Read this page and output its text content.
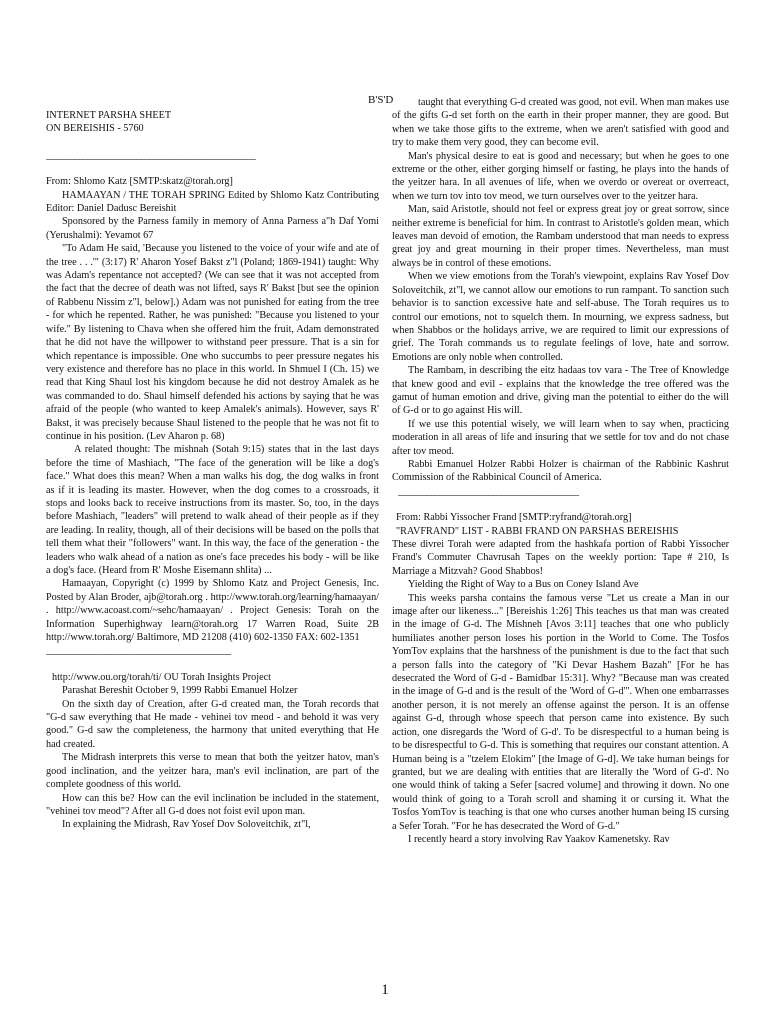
B'S'D

INTERNET PARSHA SHEET

ON BEREISHIS - 5760

___________________________________________________

From: Shlomo Katz [SMTP:skatz@torah.org]

HAMAAYAN / THE TORAH SPRING Edited by Shlomo Katz Contributing Editor: Daniel Dadusc Bereishit

Sponsored by the Parness family in memory of Anna Parness a"h Daf Yomi (Yerushalmi): Yevamot 67

"To Adam He said, 'Because you listened to the voice of your wife and ate of the tree . . .'" (3:17) R' Aharon Yosef Bakst z"l (Poland; 1869-1941) taught: Why was Adam's repentance not accepted? (We can see that it was not accepted from the fact that the decree of death was not lifted, says R' Bakst [but see the opinion of Rabbenu Nissim z"l, below].) Adam was not punished for eating from the tree - for which he repented. Rather, he was punished: "Because you listened to your wife." By listening to Chava when she offered him the fruit, Adam demonstrated that he did not have the willpower to withstand peer pressure. That is a sin for which repentance is impossible. One who succumbs to peer pressure negates his very existence and therefore has no place in this world. In Shmuel I (Ch. 15) we read that King Shaul lost his kingdom because he did not destroy Amalek as he was commanded to do. Shaul himself defended his actions by saying that he was afraid of the people (who wanted to keep Amalek's animals). However, says R' Bakst, it was precisely because Shaul listened to the people that he was not fit to continue in his position. (Lev Aharon p. 68)

A related thought: The mishnah (Sotah 9:15) states that in the last days before the time of Mashiach, "The face of the generation will be like a dog's face." What does this mean? When a man walks his dog, the dog walks in front as if it is leading its master. However, when the dog comes to a crossroads, it stops and looks back to receive instructions from its master. So, too, in the days before Mashiach, "leaders" will pretend to walk ahead of their people as if they are leading. In reality, though, all of their decisions will be based on the polls that tell them what their "followers" want. In this way, the face of the generation - the leaders who walk ahead of a nation as one's face precedes his body - will be like a dog's face. (Heard from R' Moshe Eisemann shlita) ...

Hamaayan, Copyright (c) 1999 by Shlomo Katz and Project Genesis, Inc. Posted by Alan Broder, ajb@torah.org . http://www.torah.org/learning/hamaayan/ . http://www.acoast.com/~sehc/hamaayan/ . Project Genesis: Torah on the Information Superhighway learn@torah.org 17 Warren Road, Suite 2B http://www.torah.org/ Baltimore, MD 21208 (410) 602-1350 FAX: 602-1351

_____________________________________________

http://www.ou.org/torah/ti/ OU Torah Insights Project

Parashat Bereshit October 9, 1999 Rabbi Emanuel Holzer

On the sixth day of Creation, after G-d created man, the Torah records that "G-d saw everything that He made - vehinei tov meod - and behold it was very good." G-d saw the completeness, the harmony that united everything that He had created.

The Midrash interprets this verse to mean that both the yeitzer hatov, man's good inclination, and the yeitzer hara, man's evil inclination, are part of the complete goodness of this world.

How can this be? How can the evil inclination be included in the statement, "vehinei tov meod"? After all G-d does not foist evil upon man.

In explaining the Midrash, Rav Yosef Dov Soloveitchik, zt"l,

taught that everything G-d created was good, not evil. When man makes use of the gifts G-d set forth on the earth in their proper manner, they are good. But when we take those gifts to the extreme, when we aren't satisfied with good and try to make them very good, they can become evil.

Man's physical desire to eat is good and necessary; but when he goes to one extreme or the other, either gorging himself or fasting, he plays into the hands of the yeitzer hara. In all avenues of life, when we overdo or overeat or overreact, when we turn tov into tov meod, we turn ourselves over to the yeitzer hara.

Man, said Aristotle, should not feel or express great joy or great sorrow, since neither extreme is beneficial for him. In contrast to Aristotle's golden mean, which leaves man devoid of emotion, the Rambam understood that man needs to express great joy and great mourning in their proper times. Nevertheless, man must always be in control of these emotions.

When we view emotions from the Torah's viewpoint, explains Rav Yosef Dov Soloveitchik, zt"l, we cannot allow our emotions to run rampant. To sanction such behavior is to sanction excessive hate and self-abuse. The Torah requires us to control our emotions, not to squelch them. In mourning, we express sadness, but when Shabbos or the holidays arrive, we are required to limit our expressions of grief. The Torah commands us to regulate feelings of love, hate and sorrow. Emotions are only noble when controlled.

The Rambam, in describing the eitz hadaas tov vara - The Tree of Knowledge that knew good and evil - explains that the knowledge the tree offered was the gamut of human emotion and drive, giving man the potential to either do the will of G-d or to go against His will.

If we use this potential wisely, we will learn when to say when, practicing moderation in all areas of life and insuring that we settle for tov and do not chase after tov meod.

Rabbi Emanuel Holzer Rabbi Holzer is chairman of the Rabbinic Kashrut Commission of the Rabbinical Council of America.

____________________________________________

From: Rabbi Yissocher Frand [SMTP:ryfrand@torah.org]

"RAVFRAND" LIST - RABBI FRAND ON PARSHAS BEREISHIS

These divrei Torah were adapted from the hashkafa portion of Rabbi Yissocher Frand's Commuter Chavrusah Tapes on the weekly portion: Tape # 210, Is Marriage a Mitzvah? Good Shabbos!

Yielding the Right of Way to a Bus on Coney Island Ave

This weeks parsha contains the famous verse "Let us create a Man in our image after our likeness..." [Bereishis 1:26] This teaches us that man was created in the image of G-d. The Mishneh [Avos 3:11] teaches that one who publicly humiliates another person loses his portion in the World to Come. The Tosfos YomTov explains that the harshness of the punishment is due to the fact that such a person falls into the category of "Ki Devar Hashem Bazah" [For he has desecrated the Word of G-d - Bamidbar 15:31]. Why? "Because man was created in the image of G-d and is the result of the 'Word of G-d'". When one embarrasses another person, it is not merely an offense against the person. It is an offense against G-d, through whose speech that person came into existence. By such action, one disregards the 'Word of G-d'. To be disrespectful to a human being is to be disrespectful to G-d. This is something that requires our constant attention. A Human being is a "tzelem Elokim" [the Image of G-d]. We take human beings for granted, but we are dealing with entities that are literally the 'Word of G-d'. No one would think of taking a Sefer [sacred volume] and throwing it down. No one would think of going to a Torah scroll and shaming it or cursing it. What the Tosfos YomTov is teaching is that one who curses another human being IS cursing a Sefer Torah. "For he has desecrated the Word of G-d."

I recently heard a story involving Rav Yaakov Kamenetsky. Rav

1
